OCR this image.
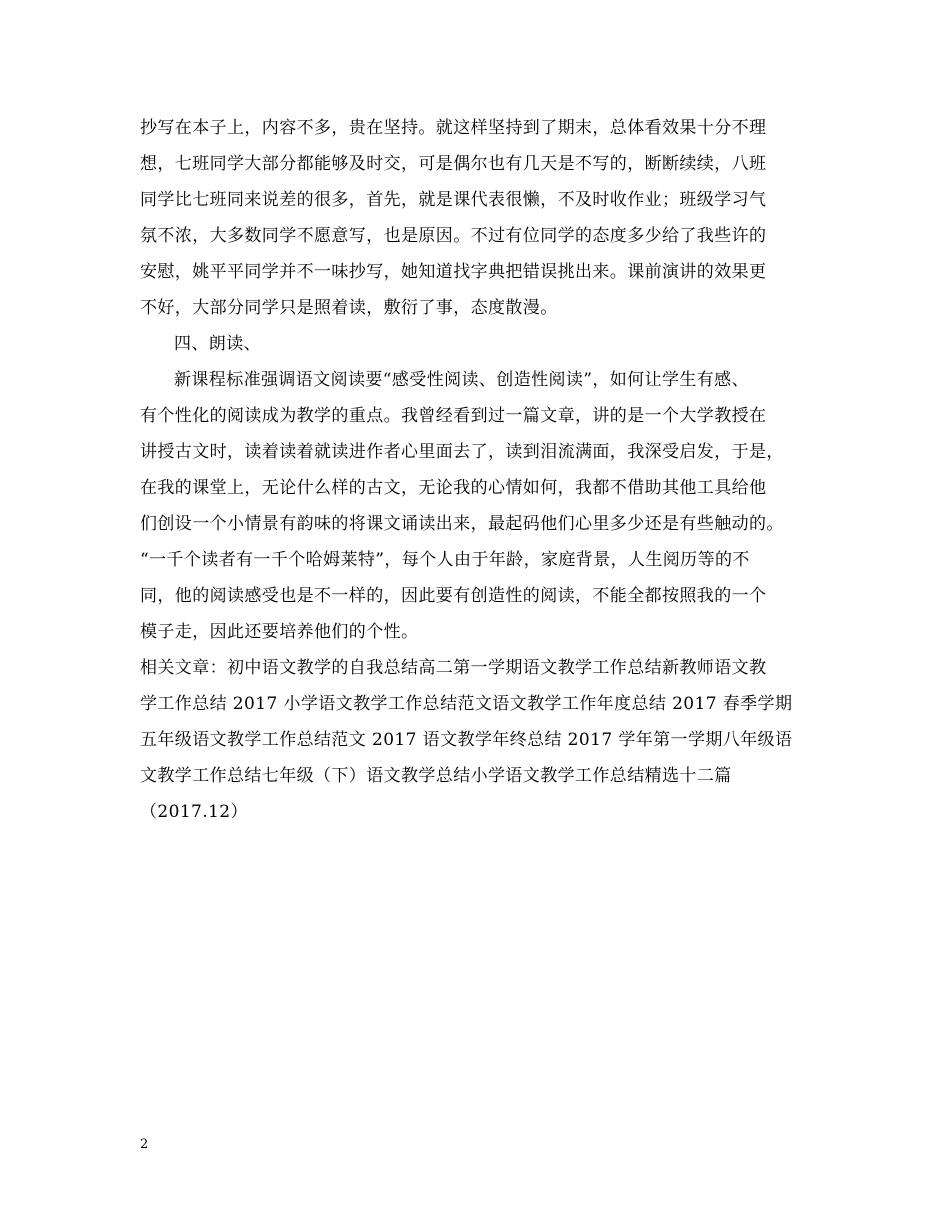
抄写在本子上，内容不多，贵在坚持。就这样坚持到了期末，总体看效果十分不理
想，七班同学大部分都能够及时交，可是偶尔也有几天是不写的，断断续续，八班
同学比七班同来说差的很多，首先，就是课代表很懒，不及时收作业；班级学习气
氛不浓，大多数同学不愿意写，也是原因。不过有位同学的态度多少给了我些许的
安慰，姚平平同学并不一味抄写，她知道找字典把错误挑出来。课前演讲的效果更
不好，大部分同学只是照着读，敷衍了事，态度散漫。
四、朗读、
新课程标准强调语文阅读要“感受性阅读、创造性阅读”，如何让学生有感、
有个性化的阅读成为教学的重点。我曾经看到过一篇文章，讲的是一个大学教授在
讲授古文时，读着读着就读进作者心里面去了，读到泪流满面，我深受启发，于是，
在我的课堂上，无论什么样的古文，无论我的心情如何，我都不借助其他工具给他
们创设一个小情景有韵味的将课文诵读出来，最起码他们心里多少还是有些触动的。
“一千个读者有一千个哈姆莱特”，每个人由于年龄，家庭背景，人生阅历等的不
同，他的阅读感受也是不一样的，因此要有创造性的阅读，不能全都按照我的一个
模子走，因此还要培养他们的个性。
相关文章：初中语文教学的自我总结高二第一学期语文教学工作总结新教师语文教
学工作总结 2017 小学语文教学工作总结范文语文教学工作年度总结 2017 春季学期
五年级语文教学工作总结范文 2017 语文教学年终总结 2017 学年第一学期八年级语
文教学工作总结七年级（下）语文教学总结小学语文教学工作总结精选十二篇
（2017.12）
2
